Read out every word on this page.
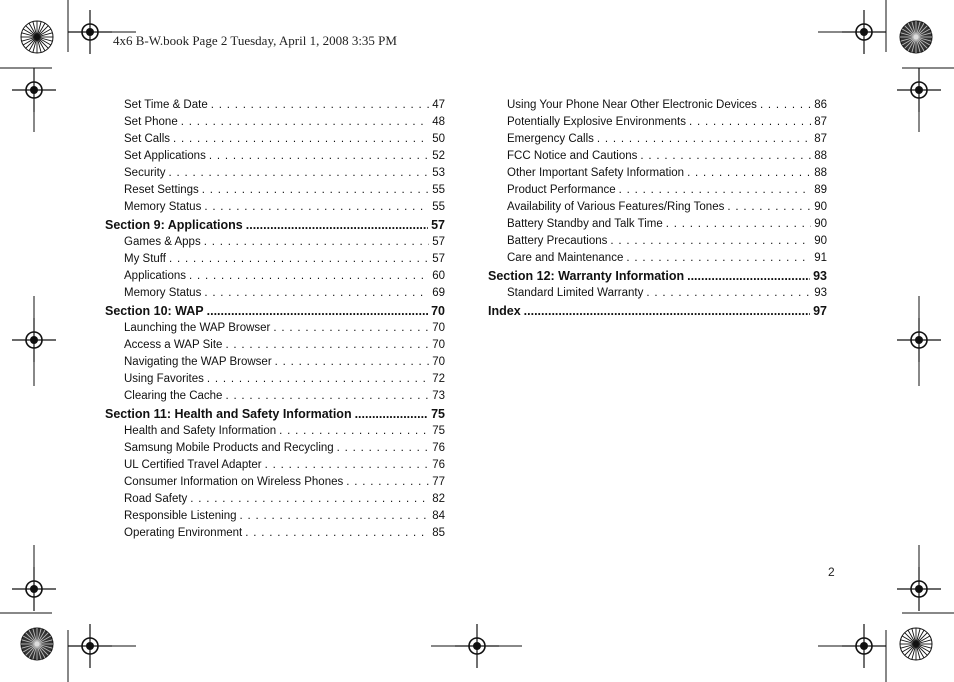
4x6 B-W.book Page 2 Tuesday, April 1, 2008 3:35 PM
Set Time & Date . . .	47
Set Phone . . .	48
Set Calls . . .	50
Set Applications . . .	52
Security . . .	53
Reset Settings . . .	55
Memory Status . . .	55
Section 9: Applications .....	57
Games & Apps . . .	57
My Stuff . . .	57
Applications . . .	60
Memory Status . . .	69
Section 10: WAP .....	70
Launching the WAP Browser . . .	70
Access a WAP Site . . .	70
Navigating the WAP Browser . . .	70
Using Favorites . . .	72
Clearing the Cache . . .	73
Section 11: Health and Safety Information .....	75
Health and Safety Information . . .	75
Samsung Mobile Products and Recycling . . .	76
UL Certified Travel Adapter . . .	76
Consumer Information on Wireless Phones . . .	77
Road Safety . . .	82
Responsible Listening . . .	84
Operating Environment . . .	85
Using Your Phone Near Other Electronic Devices . . .	86
Potentially Explosive Environments . . .	87
Emergency Calls . . .	87
FCC Notice and Cautions . . .	88
Other Important Safety Information . . .	88
Product Performance . . .	89
Availability of Various Features/Ring Tones . . .	90
Battery Standby and Talk Time . . .	90
Battery Precautions . . .	90
Care and Maintenance . . .	91
Section 12: Warranty Information .....	93
Standard Limited Warranty . . .	93
Index .....	97
2
